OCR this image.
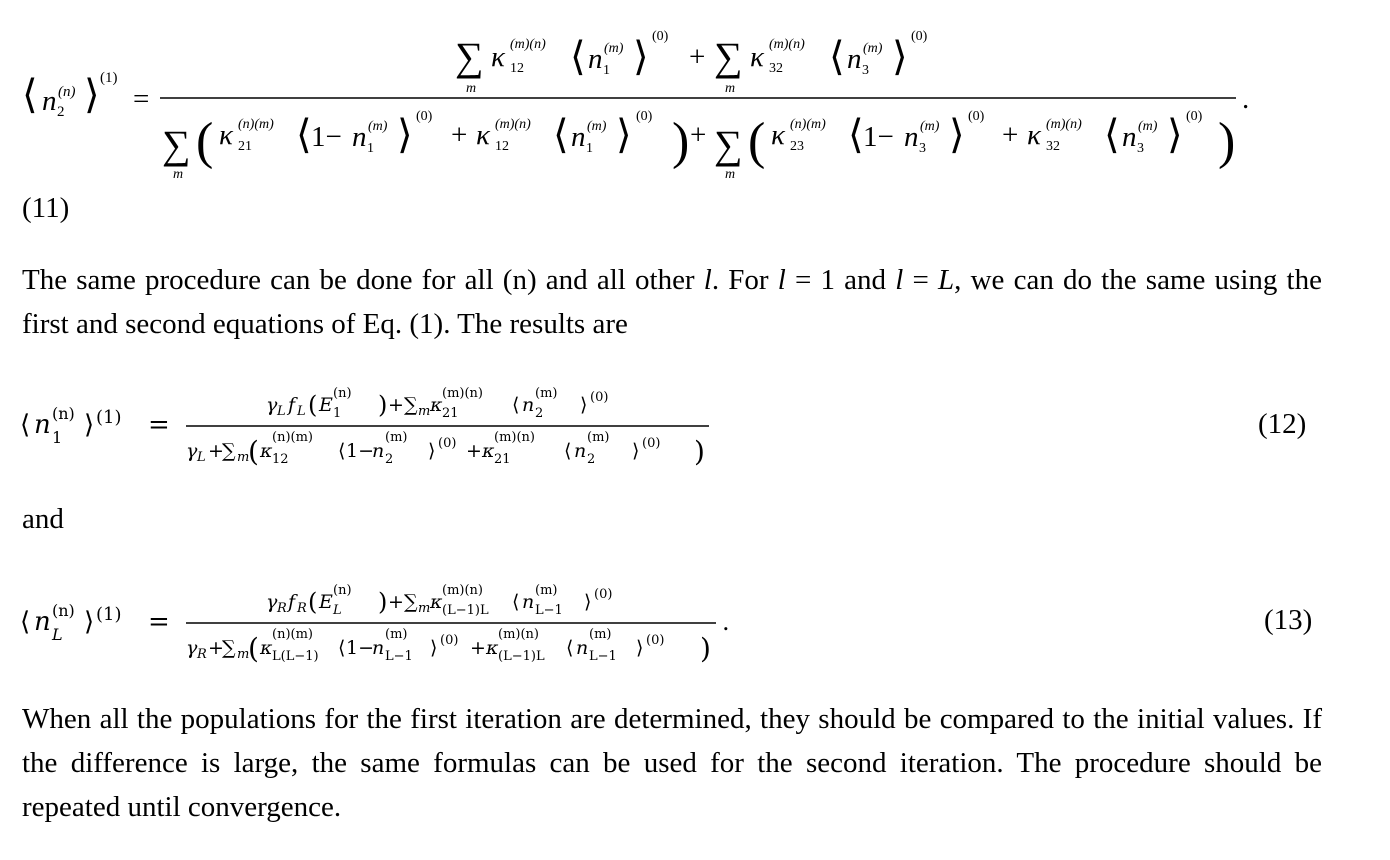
⟨ n (n)
2 ⟩ (1)
=
∑
m
κ (m)(n)
12 ⟨ n (m)
1 ⟩ (0)
+ ∑
m
κ (m)(n)
32 ⟨ n (m)
3 ⟩ (0)
∑
m
( κ (n)(m)
21 ⟨ 1− n (m)
1 ⟩ (0)
+ κ (m)(n)
12 ⟨ n (m)
1 ⟩ (0) ) + ∑
m
( κ (n)(m)
23 ⟨ 1− n (m)
3 ⟩ (0)
+ κ (m)(n)
32 ⟨ n (m)
3 ⟩ (0) )
.
(11)
The same procedure can be done for all (n) and all other l. For l = 1 and l = L, we can do the same using the first and second equations of Eq. (1). The results are
⟨ n (n)
1 ⟩ (1) =
γ L f L ( E
(n)
1 ) + ∑ m κ
(m)(n)
21	⟨ n
(m)
2 ⟩ (0)
γ L +
∑ m
( κ
(n)(m)
12	⟨ 1−
n
(m)
2 ⟩ (0) + κ
(m)(n)
21	⟨ n
(m)
2 ⟩ (0) )
(12)
and
⟨ n (n)
L ⟩ (1) =
γ R f R ( E
(n)
L ) + ∑ m κ
(m)(n)
(L−1)L ⟨ n
(m)
L−1 ⟩ (0)
γ R +
∑ m
( κ
(n)(m)
L(L−1) ⟨ 1−
n
(m)
L−1 ⟩ (0) + κ
(m)(n)
(L−1)L ⟨ n
(m)
L−1 ⟩ (0) )
.	(13)
When all the populations for the first iteration are determined, they should be compared to the initial values. If the difference is large, the same formulas can be used for the second iteration. The procedure should be repeated until convergence.
